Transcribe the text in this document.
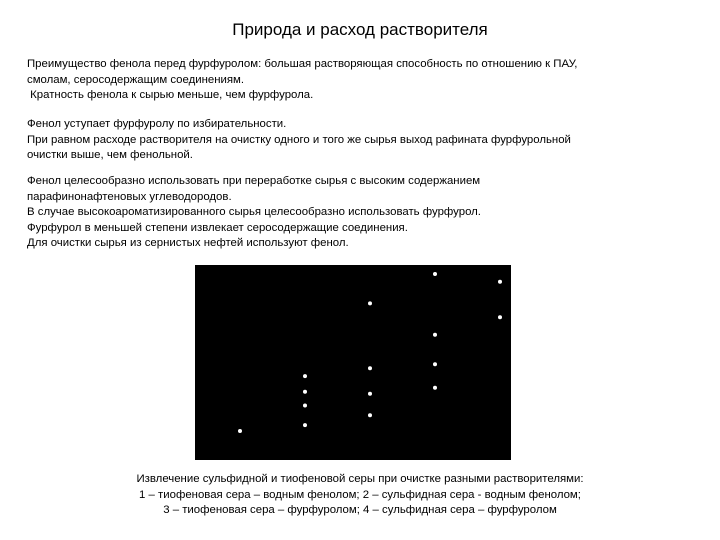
Природа и расход растворителя
Преимущество фенола перед фурфуролом: большая растворяющая способность по отношению к ПАУ,
смолам, серосодержащим соединениям.
Кратность фенола к сырью меньше, чем фурфурола.
Фенол уступает фурфуролу по избирательности.
При равном расходе растворителя на очистку одного и того же сырья выход рафината фурфурольной
очистки выше, чем фенольной.
Фенол целесообразно использовать при переработке сырья с высоким содержанием
парафинонафтеновых углеводородов.
В случае высокоароматизированного сырья целесообразно использовать фурфурол.
Фурфурол в меньшей степени извлекает серосодержащие соединения.
Для очистки сырья из сернистых нефтей используют фенол.
Извлечение сульфидной и тиофеновой серы при очистке разными растворителями:
1 – тиофеновая сера – водным фенолом; 2 – сульфидная сера - водным фенолом;
3 – тиофеновая сера – фурфуролом; 4 – сульфидная сера – фурфуролом
